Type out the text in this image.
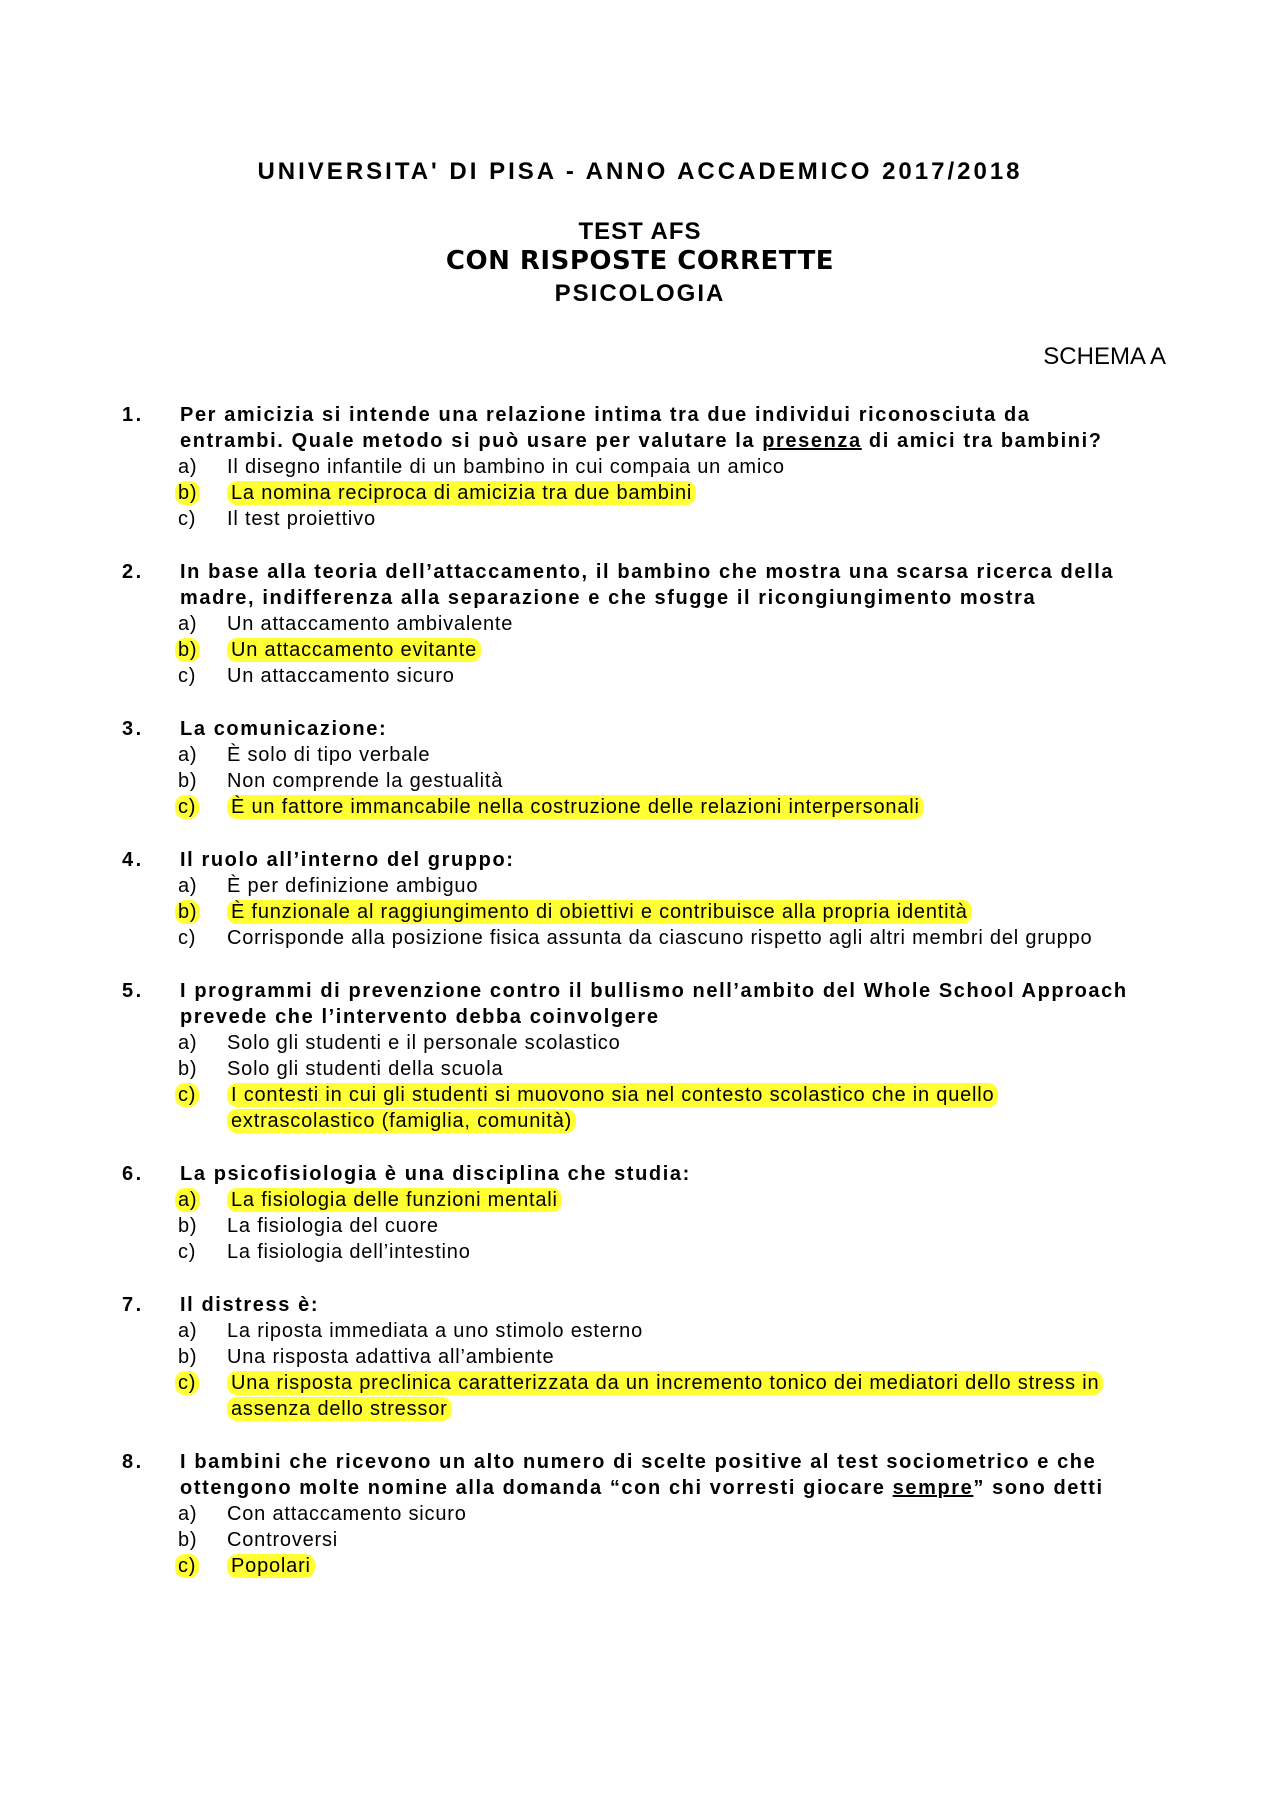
UNIVERSITA' DI PISA - ANNO ACCADEMICO 2017/2018
TEST AFS
CON RISPOSTE CORRETTE
PSICOLOGIA
SCHEMA A
1. Per amicizia si intende una relazione intima tra due individui riconosciuta da entrambi. Quale metodo si può usare per valutare la presenza di amici tra bambini?
a)	Il disegno infantile di un bambino in cui compaia un amico
b)	La nomina reciproca di amicizia tra due bambini
c)	Il test proiettivo
2. In base alla teoria dell’attaccamento, il bambino che mostra una scarsa ricerca della madre, indifferenza alla separazione e che sfugge il ricongiungimento mostra
a)	Un attaccamento ambivalente
b)	Un attaccamento evitante
c)	Un attaccamento sicuro
3. La comunicazione:
a)	È solo di tipo verbale
b)	Non comprende la gestualità
c)	È un fattore immancabile nella costruzione delle relazioni interpersonali
4. Il ruolo all’interno del gruppo:
a)	È per definizione ambiguo
b)	È funzionale al raggiungimento di obiettivi e contribuisce alla propria identità
c)	Corrisponde alla posizione fisica assunta da ciascuno rispetto agli altri membri del gruppo
5. I programmi di prevenzione contro il bullismo nell’ambito del Whole School Approach prevede che l’intervento debba coinvolgere
a)	Solo gli studenti e il personale scolastico
b)	Solo gli studenti della scuola
c)	I contesti in cui gli studenti si muovono sia nel contesto scolastico che in quello extrascolastico (famiglia, comunità)
6. La psicofisiologia è una disciplina che studia:
a)	La fisiologia delle funzioni mentali
b)	La fisiologia del cuore
c)	La fisiologia dell’intestino
7. Il distress è:
a)	La riposta immediata a uno stimolo esterno
b)	Una risposta adattiva all’ambiente
c)	Una risposta preclinica caratterizzata da un incremento tonico dei mediatori dello stress in assenza dello stressor
8. I bambini che ricevono un alto numero di scelte positive al test sociometrico e che ottengono molte nomine alla domanda “con chi vorresti giocare sempre” sono detti
a)	Con attaccamento sicuro
b)	Controversi
c)	Popolari
